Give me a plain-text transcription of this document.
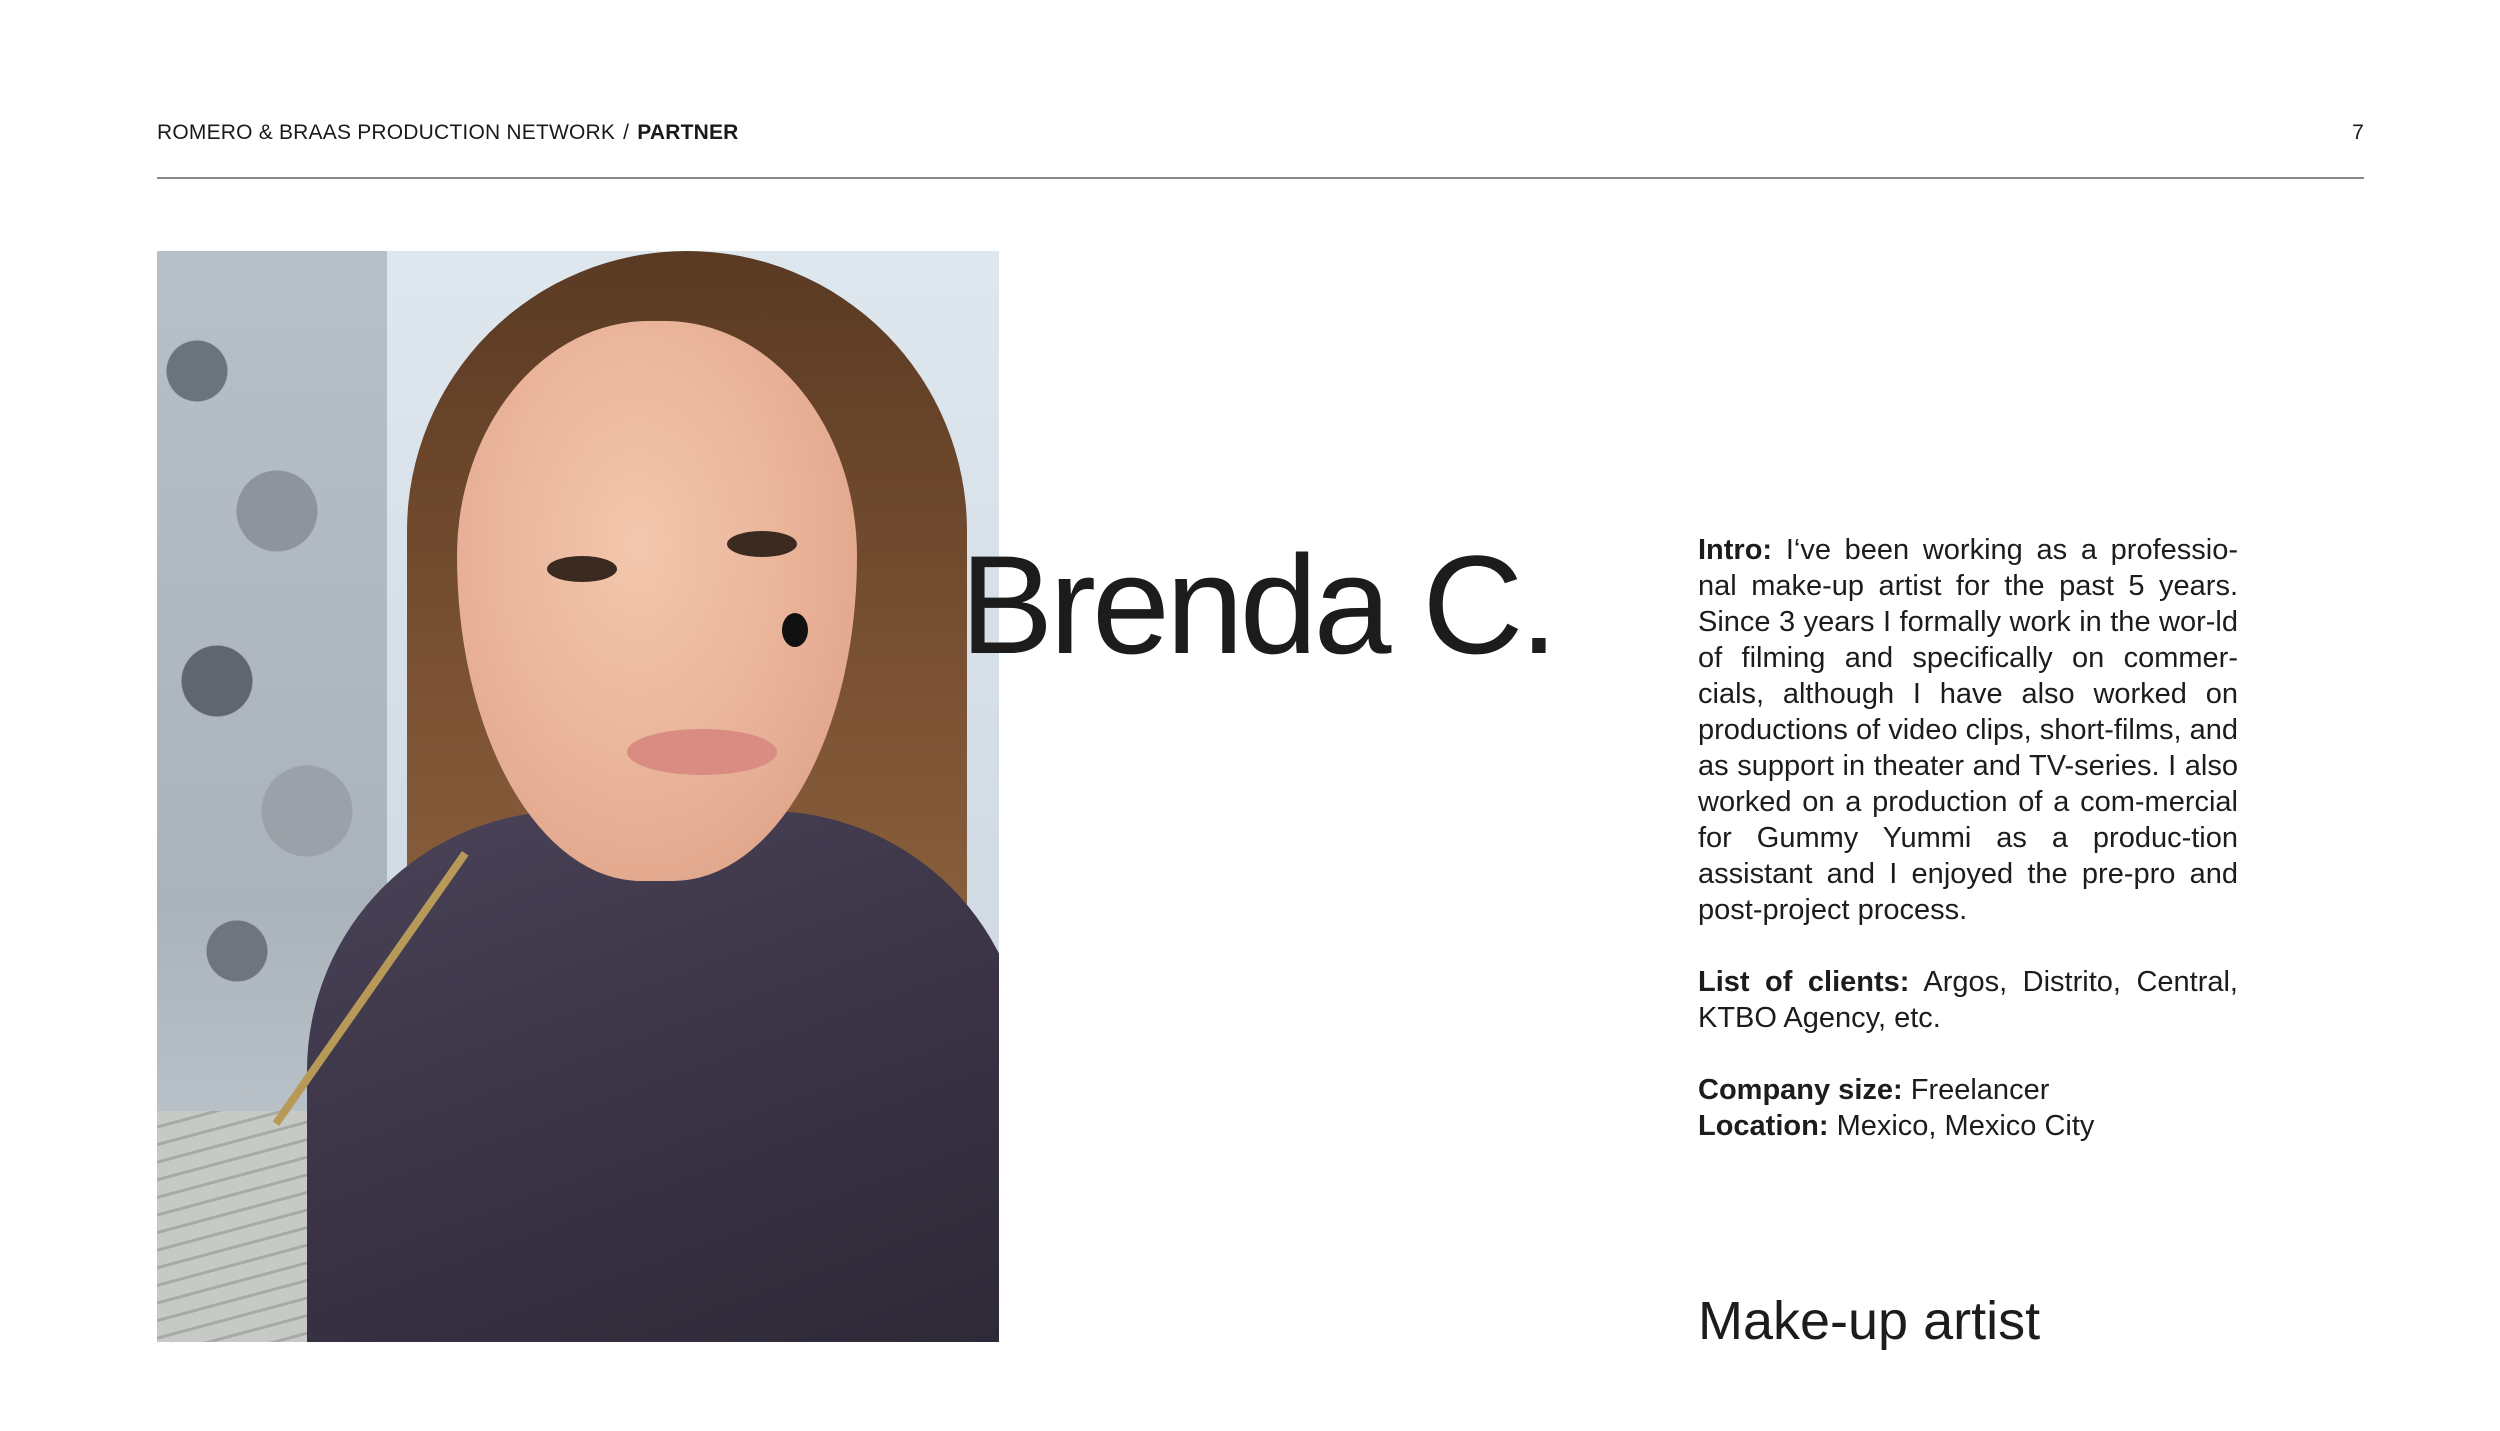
ROMERO & BRAAS PRODUCTION NETWORK / PARTNER	7
Brenda C.	Intro: I‘ve been working as a professio-nal make-up artist for the past 5 years. Since 3 years I formally work in the wor-ld of filming and specifically on commer-cials, although I have also worked on productions of video clips, short-films, and as support in theater and TV-series. I also worked on a production of a com-mercial for Gummy Yummi as a produc-tion assistant and I enjoyed the pre-pro and post-project process.

List of clients: Argos, Distrito, Central, KTBO Agency, etc.

Company size: Freelancer

Location: Mexico, Mexico City

Make-up artist
